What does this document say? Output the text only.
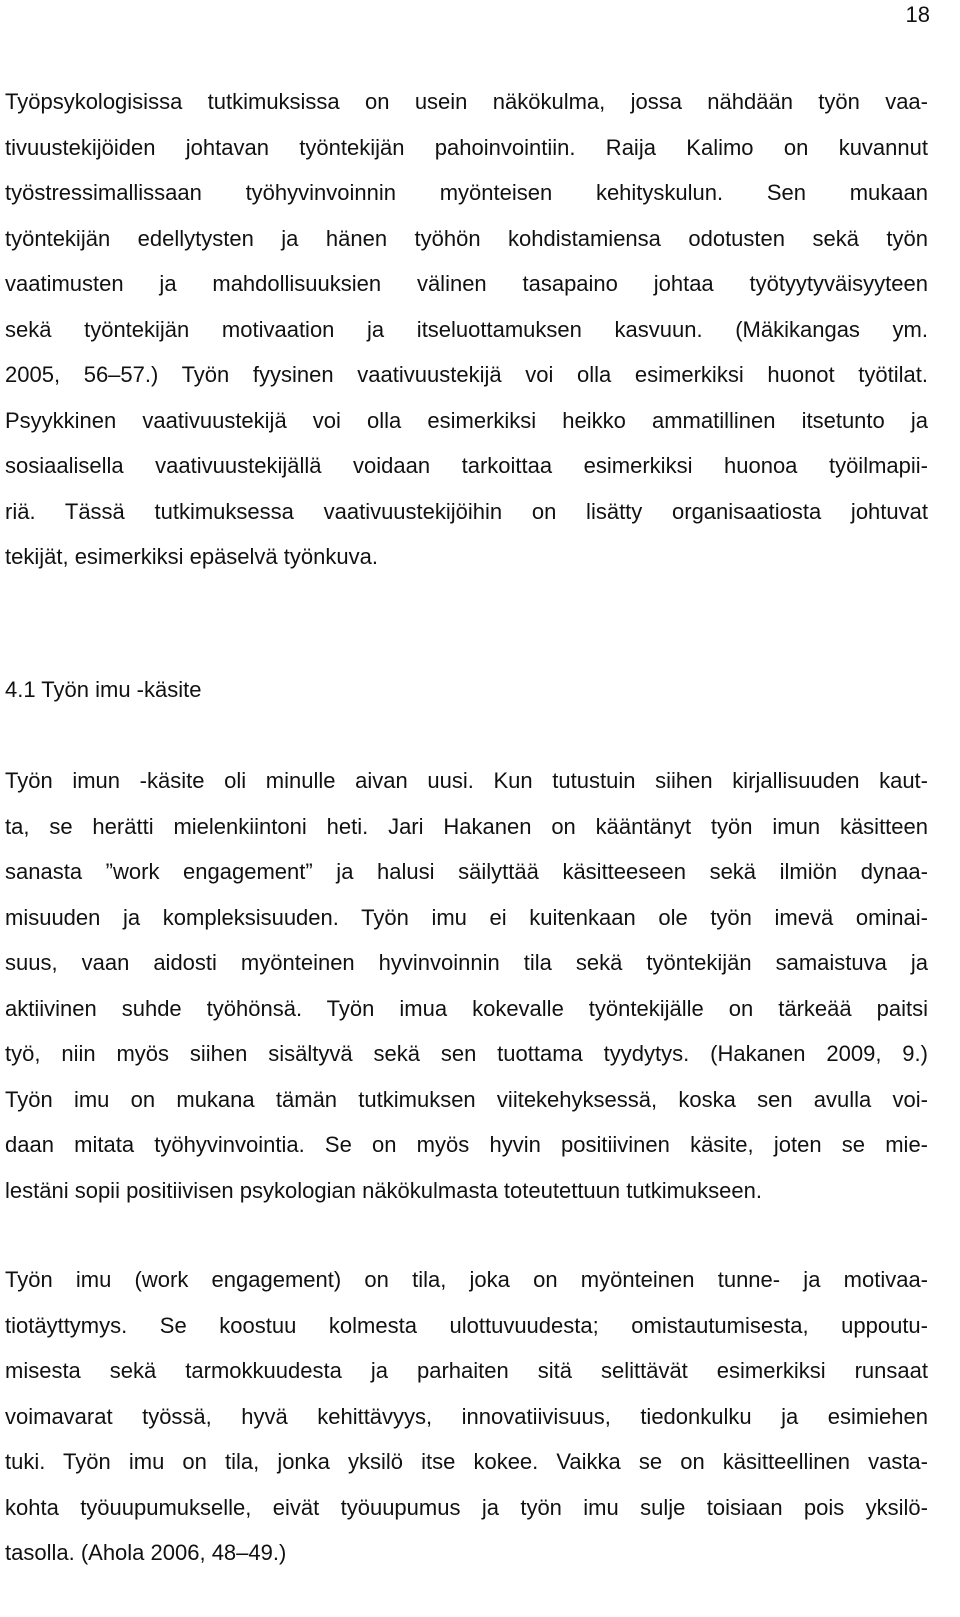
18

Työpsykologisissa tutkimuksissa on usein näkökulma, jossa nähdään työn vaa-
tivuustekijöiden johtavan työntekijän pahoinvointiin. Raija Kalimo on kuvannut
työstressimallissaan työhyvinvoinnin myönteisen kehityskulun. Sen mukaan
työntekijän edellytysten ja hänen työhön kohdistamiensa odotusten sekä työn
vaatimusten ja mahdollisuuksien välinen tasapaino johtaa työtyytyväisyyteen
sekä työntekijän motivaation ja itseluottamuksen kasvuun. (Mäkikangas ym.
2005, 56–57.) Työn fyysinen vaativuustekijä voi olla esimerkiksi huonot työtilat.
Psyykkinen vaativuustekijä voi olla esimerkiksi heikko ammatillinen itsetunto ja
sosiaalisella vaativuustekijällä voidaan tarkoittaa esimerkiksi huonoa työilmapii-
riä. Tässä tutkimuksessa vaativuustekijöihin on lisätty organisaatiosta johtuvat
tekijät, esimerkiksi epäselvä työnkuva.

4.1 Työn imu -käsite

Työn imun -käsite oli minulle aivan uusi. Kun tutustuin siihen kirjallisuuden kaut-
ta, se herätti mielenkiintoni heti. Jari Hakanen on kääntänyt työn imun käsitteen
sanasta ”work engagement” ja halusi säilyttää käsitteeseen sekä ilmiön dynaa-
misuuden ja kompleksisuuden. Työn imu ei kuitenkaan ole työn imevä ominai-
suus, vaan aidosti myönteinen hyvinvoinnin tila sekä työntekijän samaistuva ja
aktiivinen suhde työhönsä. Työn imua kokevalle työntekijälle on tärkeää paitsi
työ, niin myös siihen sisältyvä sekä sen tuottama tyydytys. (Hakanen 2009, 9.)
Työn imu on mukana tämän tutkimuksen viitekehyksessä, koska sen avulla voi-
daan mitata työhyvinvointia. Se on myös hyvin positiivinen käsite, joten se mie-
lestäni sopii positiivisen psykologian näkökulmasta toteutettuun tutkimukseen.

Työn imu (work engagement) on tila, joka on myönteinen tunne- ja motivaa-
tiotäyttymys. Se koostuu kolmesta ulottuvuudesta; omistautumisesta, uppoutu-
misesta sekä tarmokkuudesta ja parhaiten sitä selittävät esimerkiksi runsaat
voimavarat työssä, hyvä kehittävyys, innovatiivisuus, tiedonkulku ja esimiehen
tuki. Työn imu on tila, jonka yksilö itse kokee. Vaikka se on käsitteellinen vasta-
kohta työuupumukselle, eivät työuupumus ja työn imu sulje toisiaan pois yksilö-
tasolla. (Ahola 2006, 48–49.)
